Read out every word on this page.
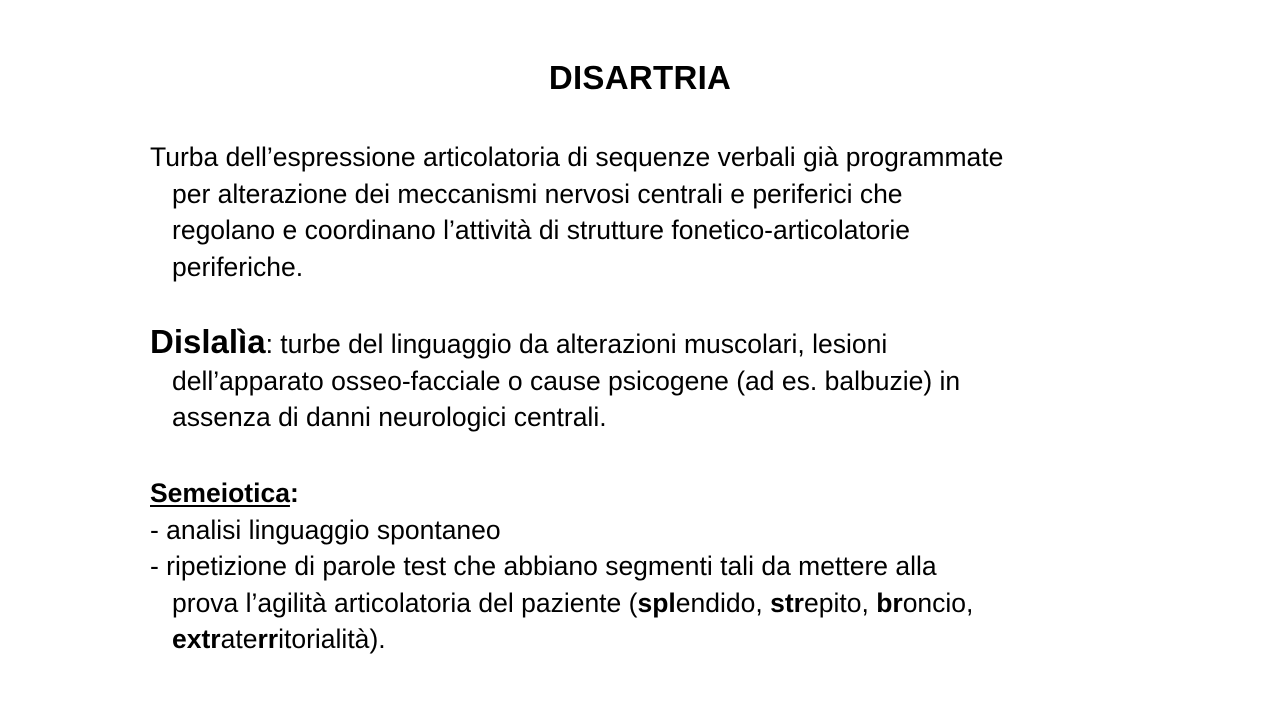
DISARTRIA
Turba dell’espressione articolatoria di sequenze verbali già programmate
per alterazione dei meccanismi nervosi centrali e periferici che
regolano e coordinano l’attività di strutture fonetico-articolatorie
periferiche.
Dislalìa: turbe del linguaggio da alterazioni muscolari, lesioni
dell’apparato osseo-facciale o cause psicogene (ad es. balbuzie) in
assenza di danni neurologici centrali.
Semeiotica:
- analisi linguaggio spontaneo
- ripetizione di parole test che abbiano segmenti tali da mettere alla
prova l’agilità articolatoria del paziente (splendido, strepito, broncio,
extraterritorialità).
